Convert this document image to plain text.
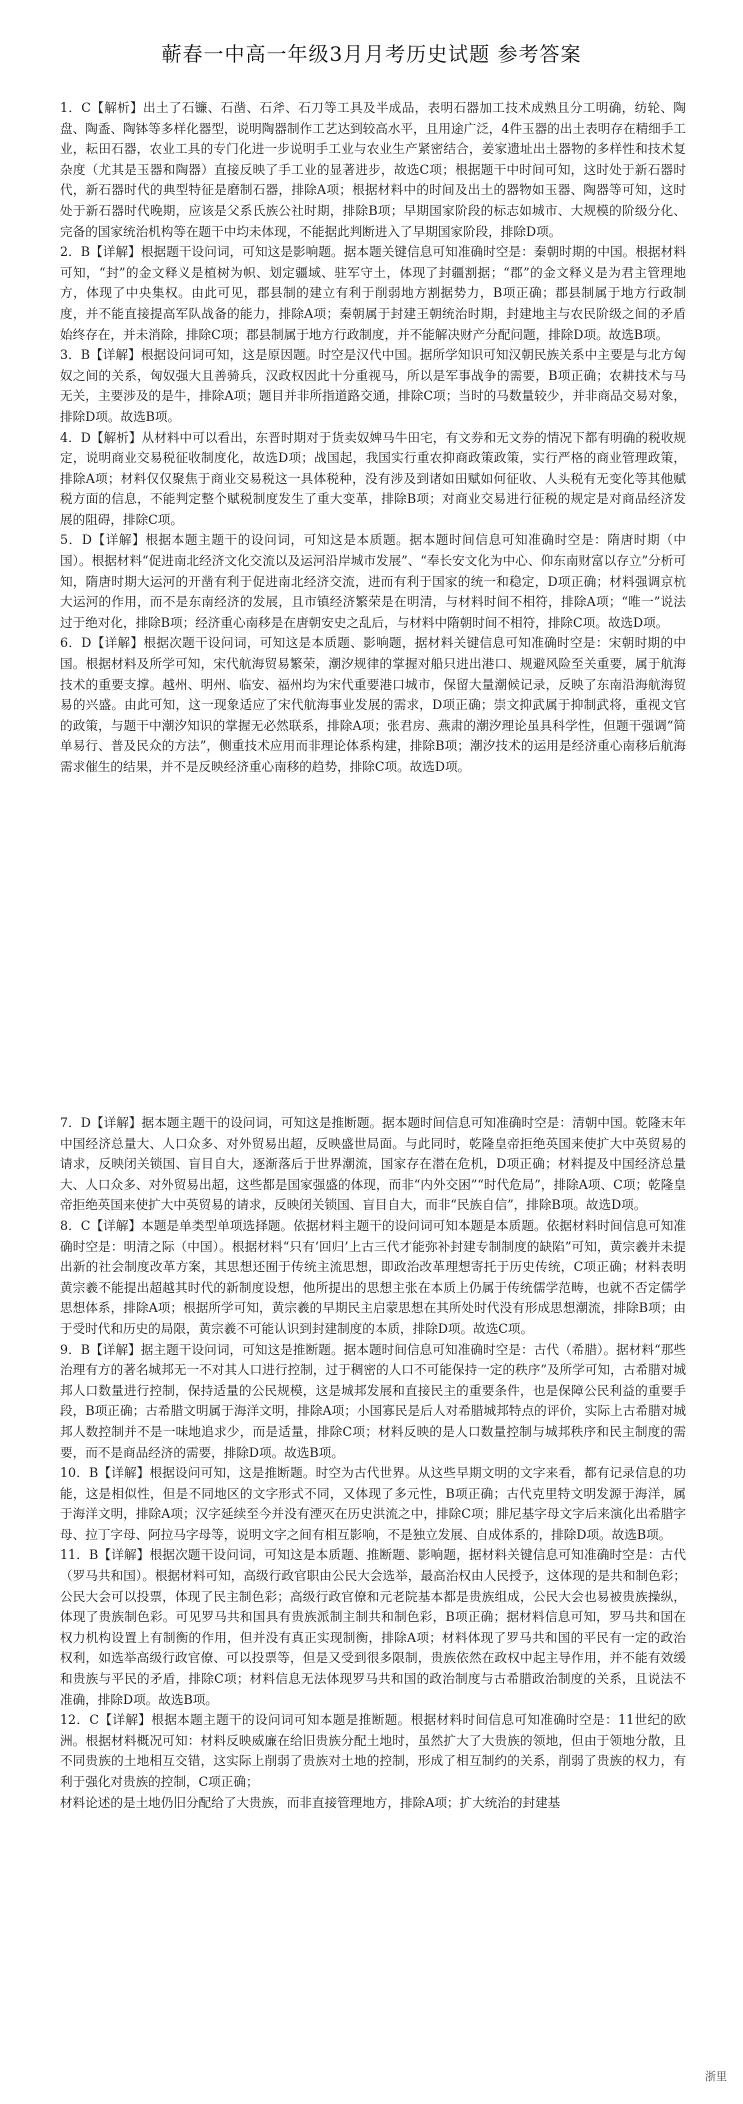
蕲春一中高一年级3月月考历史试题 参考答案

1．C【解析】出土了石镰、石凿、石斧、石刀等工具及半成品，表明石器加工技术成熟且分工明确，纺轮、陶盘、陶盉、陶钵等多样化器型，说明陶器制作工艺达到较高水平，且用途广泛，4件玉器的出土表明存在精细手工业，耘田石器，农业工具的专门化进一步说明手工业与农业生产紧密结合，姜家遗址出土器物的多样性和技术复杂度（尤其是玉器和陶器）直接反映了手工业的显著进步，故选C项；根据题干中时间可知，这时处于新石器时代，新石器时代的典型特征是磨制石器，排除A项；根据材料中的时间及出土的器物如玉器、陶器等可知，这时处于新石器时代晚期，应该是父系氏族公社时期，排除B项；早期国家阶段的标志如城市、大规模的阶级分化、完备的国家统治机构等在题干中均未体现，不能据此判断进入了早期国家阶段，排除D项。

2．B【详解】根据题干设问词，可知这是影响题。据本题关键信息可知准确时空是：秦朝时期的中国。根据材料可知，“封”的金文释义是植树为帜、划定疆域、驻军守土，体现了封疆割据；“郡”的金文释义是为君主管理地方，体现了中央集权。由此可见，郡县制的建立有利于削弱地方割据势力，B项正确；郡县制属于地方行政制度，并不能直接提高军队战备的能力，排除A项；秦朝属于封建王朝统治时期，封建地主与农民阶级之间的矛盾始终存在，并未消除，排除C项；郡县制属于地方行政制度，并不能解决财产分配问题，排除D项。故选B项。

3．B【详解】根据设问词可知，这是原因题。时空是汉代中国。据所学知识可知汉朝民族关系中主要是与北方匈奴之间的关系，匈奴强大且善骑兵，汉政权因此十分重视马，所以是军事战争的需要，B项正确；农耕技术与马无关，主要涉及的是牛，排除A项；题目并非所指道路交通，排除C项；当时的马数量较少，并非商品交易对象，排除D项。故选B项。

4．D【解析】从材料中可以看出，东晋时期对于货卖奴婢马牛田宅，有文券和无文券的情况下都有明确的税收规定，说明商业交易税征收制度化，故选D项；战国起，我国实行重农抑商政策政策，实行严格的商业管理政策，排除A项；材料仅仅聚焦于商业交易税这一具体税种，没有涉及到诸如田赋如何征收、人头税有无变化等其他赋税方面的信息，不能判定整个赋税制度发生了重大变革，排除B项；对商业交易进行征税的规定是对商品经济发展的阻碍，排除C项。

5．D【详解】根据本题主题干的设问词，可知这是本质题。据本题时间信息可知准确时空是：隋唐时期（中国）。根据材料“促进南北经济文化交流以及运河沿岸城市发展”、“奉长安文化为中心、仰东南财富以存立”分析可知，隋唐时期大运河的开凿有利于促进南北经济交流，进而有利于国家的统一和稳定，D项正确；材料强调京杭大运河的作用，而不是东南经济的发展，且市镇经济繁荣是在明清，与材料时间不相符，排除A项；“唯一”说法过于绝对化，排除B项；经济重心南移是在唐朝安史之乱后，与材料中隋朝时间不相符，排除C项。故选D项。

6．D【详解】根据次题干设问词，可知这是本质题、影响题，据材料关键信息可知准确时空是：宋朝时期的中国。根据材料及所学可知，宋代航海贸易繁荣，潮汐规律的掌握对船只进出港口、规避风险至关重要，属于航海技术的重要支撑。越州、明州、临安、福州均为宋代重要港口城市，保留大量潮候记录，反映了东南沿海航海贸易的兴盛。由此可知，这一现象适应了宋代航海事业发展的需求，D项正确；崇文抑武属于抑制武将，重视文官的政策，与题干中潮汐知识的掌握无必然联系，排除A项；张君房、燕肃的潮汐理论虽具科学性，但题干强调“简单易行、普及民众的方法”，侧重技术应用而非理论体系构建，排除B项；潮汐技术的运用是经济重心南移后航海需求催生的结果，并不是反映经济重心南移的趋势，排除C项。故选D项。

7．D【详解】据本题主题干的设问词，可知这是推断题。据本题时间信息可知准确时空是：清朝中国。乾隆末年中国经济总量大、人口众多、对外贸易出超，反映盛世局面。与此同时，乾隆皇帝拒绝英国来使扩大中英贸易的请求，反映闭关锁国、盲目自大，逐渐落后于世界潮流，国家存在潜在危机，D项正确；材料提及中国经济总量大、人口众多、对外贸易出超，这些都是国家强盛的体现，而非“内外交困”“时代危局”，排除A项、C项；乾隆皇帝拒绝英国来使扩大中英贸易的请求，反映闭关锁国、盲目自大，而非“民族自信”，排除B项。故选D项。

8．C【详解】本题是单类型单项选择题。依据材料主题干的设问词可知本题是本质题。依据材料时间信息可知准确时空是：明清之际（中国）。根据材料“只有‘回归’上古三代才能弥补封建专制制度的缺陷”可知，黄宗羲并未提出新的社会制度改革方案，其思想还囿于传统主流思想，即政治改革理想寄托于历史传统，C项正确；材料表明黄宗羲不能提出超越其时代的新制度设想，他所提出的思想主张在本质上仍属于传统儒学范畴，也就不否定儒学思想体系，排除A项；根据所学可知，黄宗羲的早期民主启蒙思想在其所处时代没有形成思想潮流，排除B项；由于受时代和历史的局限，黄宗羲不可能认识到封建制度的本质，排除D项。故选C项。

9．B【详解】据主题干设问词，可知这是推断题。据本题时间信息可知准确时空是：古代（希腊）。据材料“那些治理有方的著名城邦无一不对其人口进行控制，过于稠密的人口不可能保持一定的秩序”及所学可知，古希腊对城邦人口数量进行控制，保持适量的公民规模，这是城邦发展和直接民主的重要条件，也是保障公民利益的重要手段，B项正确；古希腊文明属于海洋文明，排除A项；小国寡民是后人对希腊城邦特点的评价，实际上古希腊对城邦人数控制并不是一味地追求少，而是适量，排除C项；材料反映的是人口数量控制与城邦秩序和民主制度的需要，而不是商品经济的需要，排除D项。故选B项。

10．B【详解】根据设问可知，这是推断题。时空为古代世界。从这些早期文明的文字来看，都有记录信息的功能，这是相似性，但是不同地区的文字形式不同，又体现了多元性，B项正确；古代克里特文明发源于海洋，属于海洋文明，排除A项；汉字延续至今并没有湮灭在历史洪流之中，排除C项；腓尼基字母文字后来演化出希腊字母、拉丁字母、阿拉马字母等，说明文字之间有相互影响，不是独立发展、自成体系的，排除D项。故选B项。

11．B【详解】根据次题干设问词，可知这是本质题、推断题、影响题，据材料关键信息可知准确时空是：古代（罗马共和国）。根据材料可知，高级行政官职由公民大会选举，最高治权由人民授予，这体现的是共和制色彩；公民大会可以投票，体现了民主制色彩；高级行政官僚和元老院基本都是贵族组成，公民大会也易被贵族操纵，体现了贵族制色彩。可见罗马共和国具有贵族派制主制共和制色彩，B项正确；据材料信息可知，罗马共和国在权力机构设置上有制衡的作用，但并没有真正实现制衡，排除A项；材料体现了罗马共和国的平民有一定的政治权利，如选举高级行政官僚、可以投票等，但是又受到很多限制，贵族依然在政权中起主导作用，并不能有效缓和贵族与平民的矛盾，排除C项；材料信息无法体现罗马共和国的政治制度与古希腊政治制度的关系，且说法不准确，排除D项。故选B项。

12．C【详解】根据本题主题干的设问词可知本题是推断题。根据材料时间信息可知准确时空是：11世纪的欧洲。根据材料概况可知：材料反映威廉在给旧贵族分配土地时，虽然扩大了大贵族的领地，但由于领地分散，且不同贵族的土地相互交错，这实际上削弱了贵族对土地的控制，形成了相互制约的关系，削弱了贵族的权力，有利于强化对贵族的控制，C项正确；

材料论述的是土地仍旧分配给了大贵族，而非直接管理地方，排除A项；扩大统治的封建基

浙里
